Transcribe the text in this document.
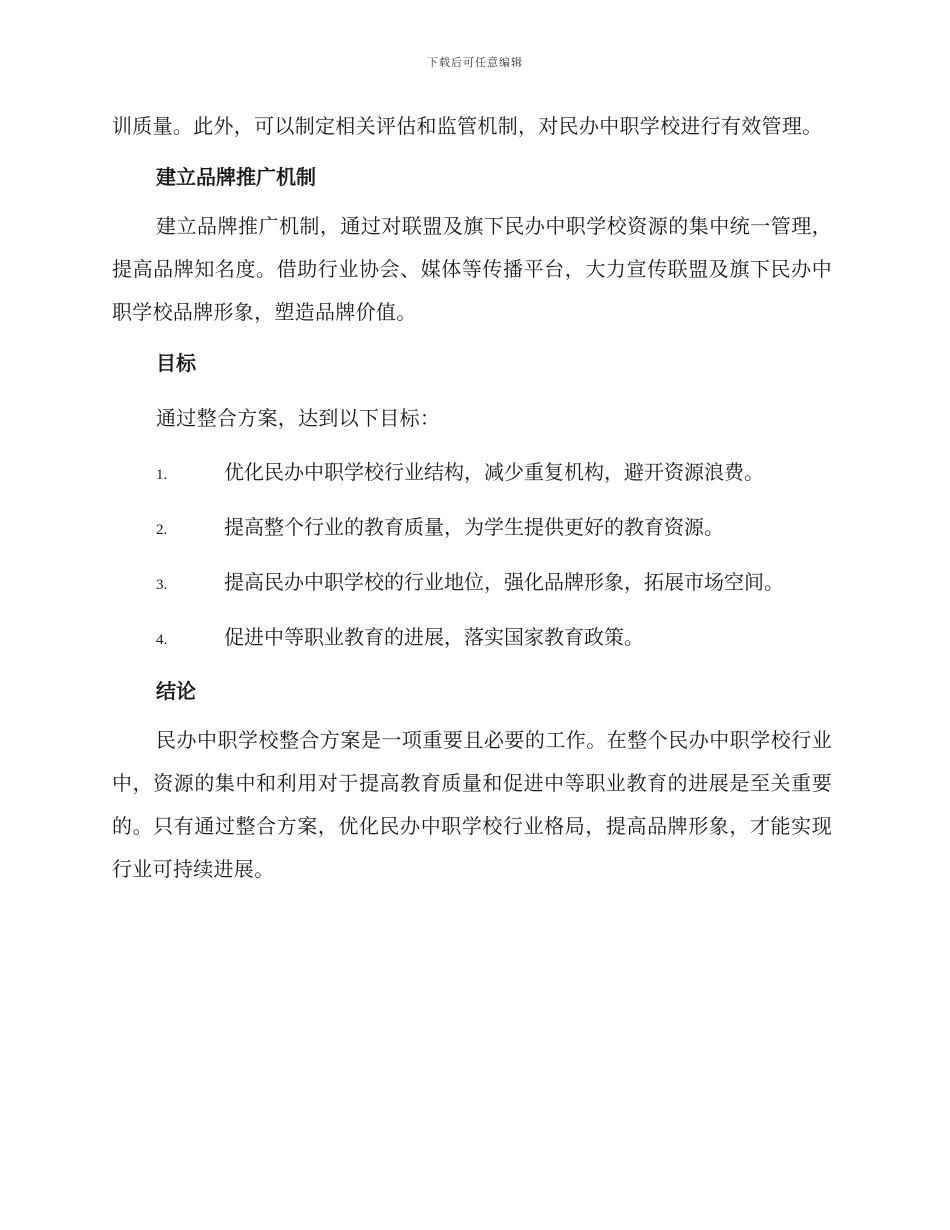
下载后可任意编辑

训质量。此外，可以制定相关评估和监管机制，对民办中职学校进行有效管理。

建立品牌推广机制

建立品牌推广机制，通过对联盟及旗下民办中职学校资源的集中统一管理，提高品牌知名度。借助行业协会、媒体等传播平台，大力宣传联盟及旗下民办中职学校品牌形象，塑造品牌价值。

目标

通过整合方案，达到以下目标：

1.	优化民办中职学校行业结构，减少重复机构，避开资源浪费。
2.	提高整个行业的教育质量，为学生提供更好的教育资源。
3.	提高民办中职学校的行业地位，强化品牌形象，拓展市场空间。
4.	促进中等职业教育的进展，落实国家教育政策。
结论

民办中职学校整合方案是一项重要且必要的工作。在整个民办中职学校行业中，资源的集中和利用对于提高教育质量和促进中等职业教育的进展是至关重要的。只有通过整合方案，优化民办中职学校行业格局，提高品牌形象，才能实现行业可持续进展。
